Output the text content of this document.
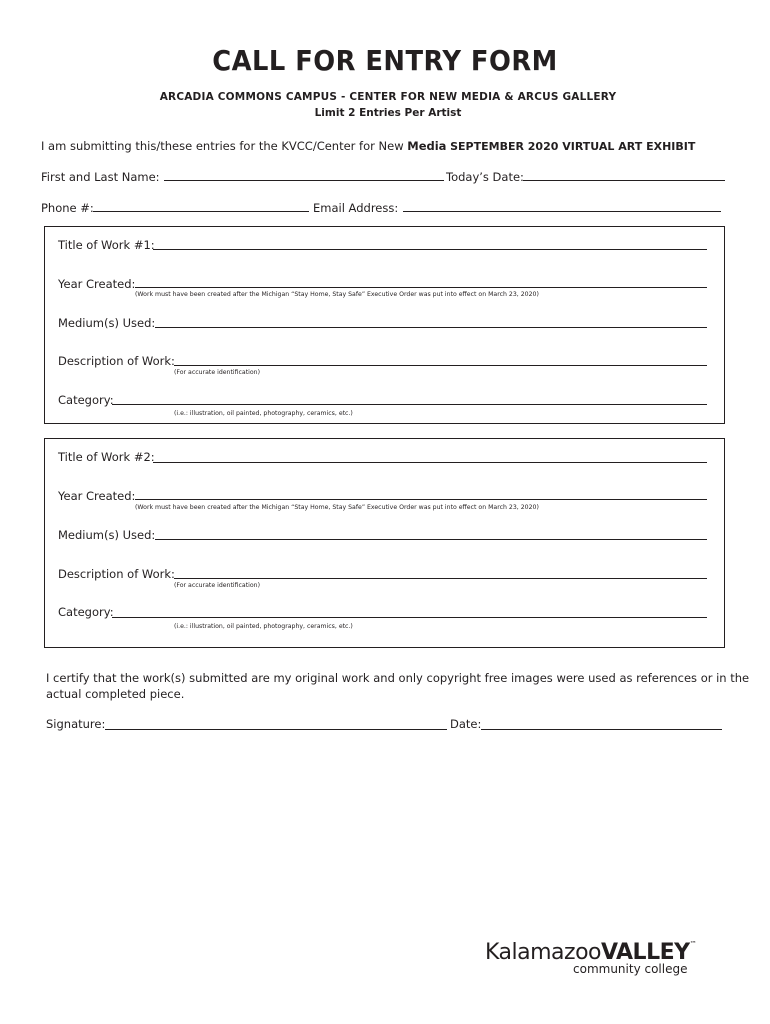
CALL FOR ENTRY FORM
ARCADIA COMMONS CAMPUS - CENTER FOR NEW MEDIA & ARCUS GALLERY
Limit 2 Entries Per Artist
I am submitting this/these entries for the KVCC/Center for New Media SEPTEMBER 2020 VIRTUAL ART EXHIBIT
First and Last Name:	Today’s Date:
Phone #:	Email Address:
Title of Work #1:
Year Created:
(Work must have been created after the Michigan “Stay Home, Stay Safe” Executive Order was put into effect on March 23, 2020)
Medium(s) Used:
Description of Work:
(For accurate identification)
Category:
(i.e.: illustration, oil painted, photography, ceramics, etc.)
Title of Work #2:
Year Created:
(Work must have been created after the Michigan “Stay Home, Stay Safe” Executive Order was put into effect on March 23, 2020)
Medium(s) Used:
Description of Work:
(For accurate identification)
Category:
(i.e.: illustration, oil painted, photography, ceramics, etc.)
I certify that the work(s) submitted are my original work and only copyright free images were used as references or in the
actual completed piece.
Signature:	Date:
KalamazooVALLEY™
community college
